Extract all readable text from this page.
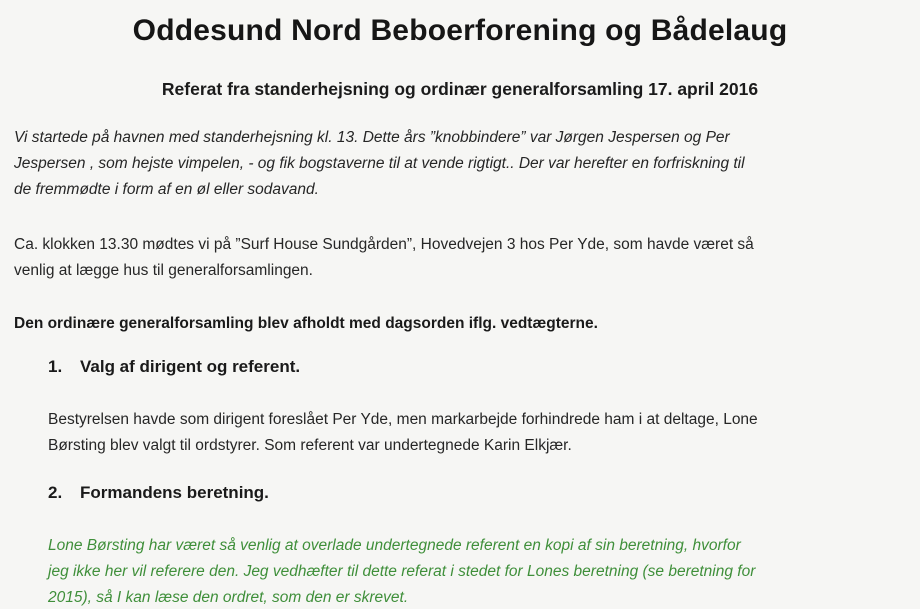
Oddesund Nord Beboerforening og Bådelaug
Referat fra standerhejsning og ordinær generalforsamling 17. april 2016
Vi startede på havnen med standerhejsning kl. 13. Dette års ”knobbindere” var Jørgen Jespersen og Per
Jespersen , som hejste vimpelen, - og fik bogstaverne til at vende rigtigt.. Der var herefter en forfriskning til
de fremmødte i form af en øl eller sodavand.
Ca. klokken 13.30 mødtes vi på ”Surf House Sundgården”, Hovedvejen 3 hos Per Yde, som havde været så
venlig at lægge hus til generalforsamlingen.
Den ordinære generalforsamling blev afholdt med dagsorden iflg. vedtægterne.
1. Valg af dirigent og referent.
Bestyrelsen havde som dirigent foreslået Per Yde, men markarbejde forhindrede ham i at deltage, Lone
Børsting blev valgt til ordstyrer. Som referent var undertegnede Karin Elkjær.
2. Formandens beretning.
Lone Børsting har været så venlig at overlade undertegnede referent en kopi af sin beretning, hvorfor
jeg ikke her vil referere den. Jeg vedhæfter til dette referat i stedet for Lones beretning (se beretning for
2015), så I kan læse den ordret, som den er skrevet.
